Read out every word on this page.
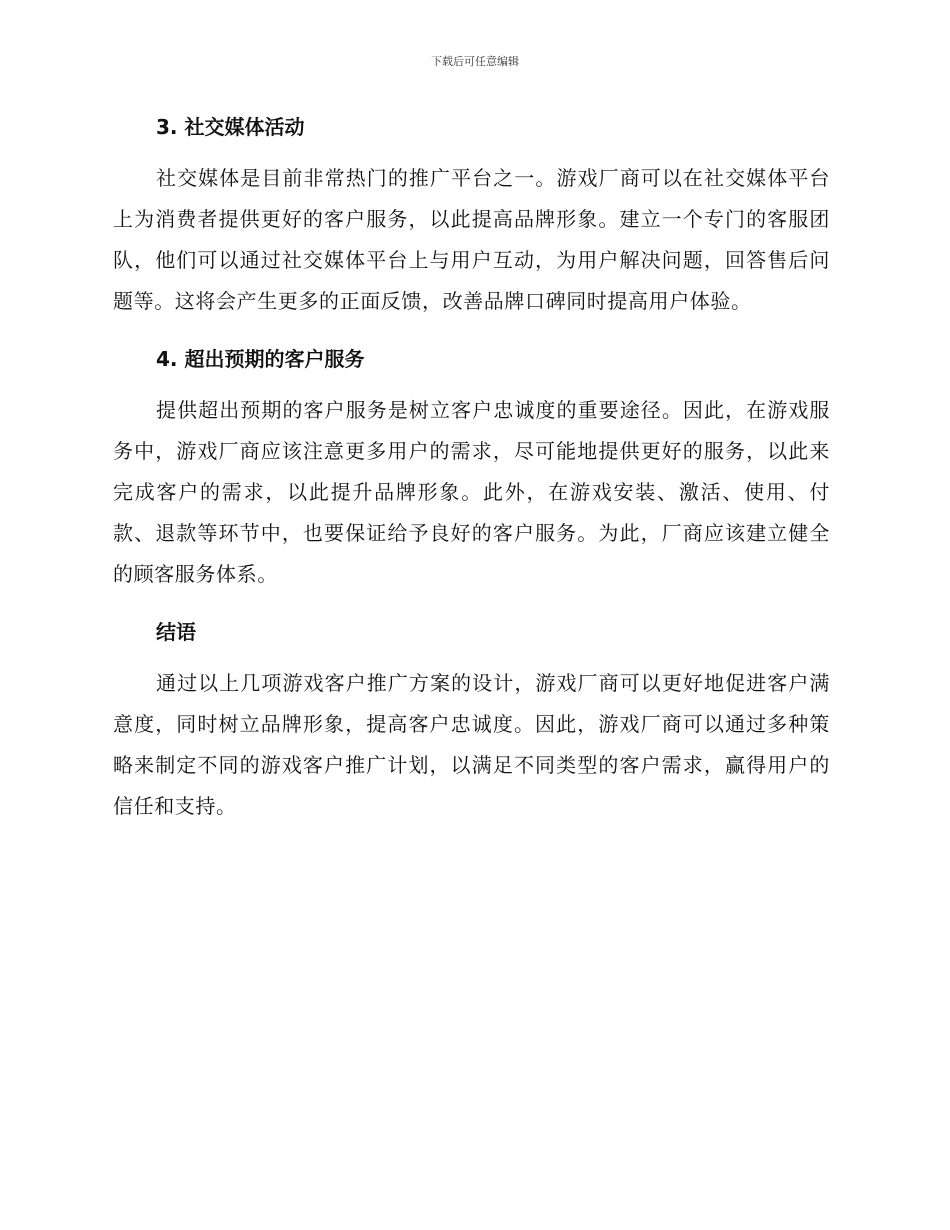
下载后可任意编辑
3. 社交媒体活动

社交媒体是目前非常热门的推广平台之一。游戏厂商可以在社交媒体平台上为消费者提供更好的客户服务，以此提高品牌形象。建立一个专门的客服团队，他们可以通过社交媒体平台上与用户互动，为用户解决问题，回答售后问题等。这将会产生更多的正面反馈，改善品牌口碑同时提高用户体验。

4. 超出预期的客户服务

提供超出预期的客户服务是树立客户忠诚度的重要途径。因此，在游戏服务中，游戏厂商应该注意更多用户的需求，尽可能地提供更好的服务，以此来完成客户的需求，以此提升品牌形象。此外，在游戏安装、激活、使用、付款、退款等环节中，也要保证给予良好的客户服务。为此，厂商应该建立健全的顾客服务体系。

结语

通过以上几项游戏客户推广方案的设计，游戏厂商可以更好地促进客户满意度，同时树立品牌形象，提高客户忠诚度。因此，游戏厂商可以通过多种策略来制定不同的游戏客户推广计划，以满足不同类型的客户需求，赢得用户的信任和支持。
